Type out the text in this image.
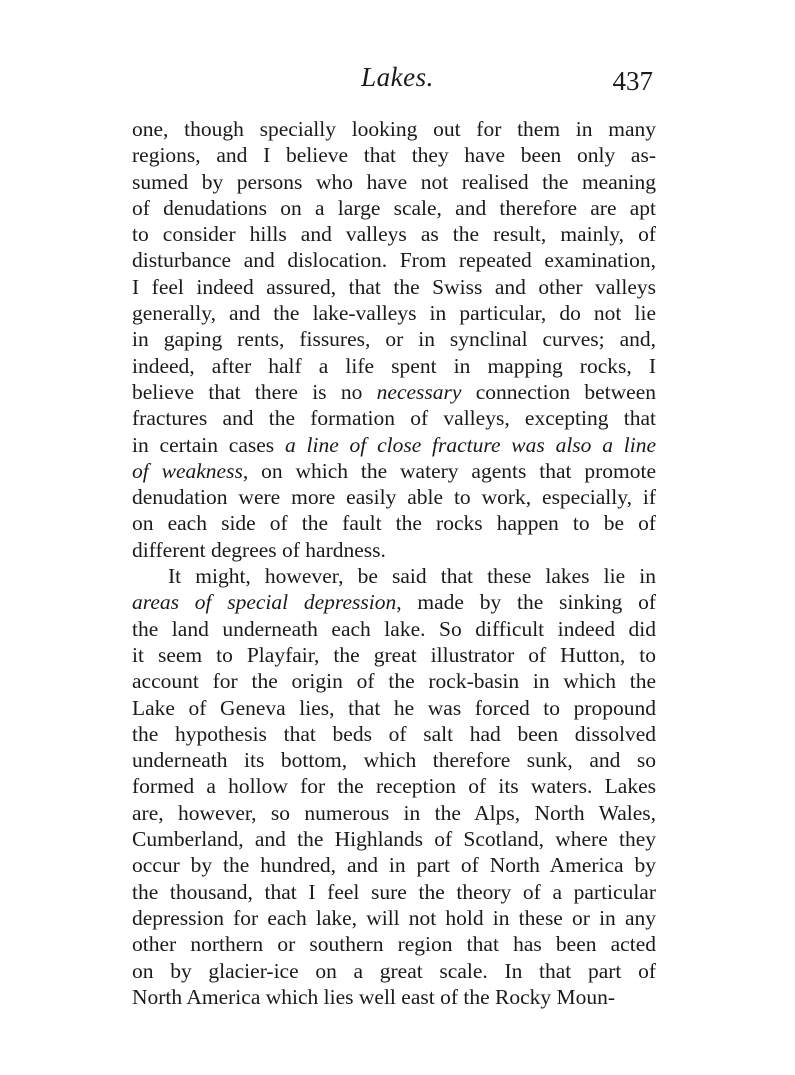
Lakes.	437
one, though specially looking out for them in many
regions, and I believe that they have been only as-
sumed by persons who have not realised the meaning
of denudations on a large scale, and therefore are apt
to consider hills and valleys as the result, mainly, of
disturbance and dislocation. From repeated examination,
I feel indeed assured, that the Swiss and other valleys
generally, and the lake-valleys in particular, do not lie
in gaping rents, fissures, or in synclinal curves; and,
indeed, after half a life spent in mapping rocks, I
believe that there is no necessary connection between
fractures and the formation of valleys, excepting that
in certain cases a line of close fracture was also a line
of weakness, on which the watery agents that promote
denudation were more easily able to work, especially, if
on each side of the fault the rocks happen to be of
different degrees of hardness.
It might, however, be said that these lakes lie in
areas of special depression, made by the sinking of
the land underneath each lake. So difficult indeed did
it seem to Playfair, the great illustrator of Hutton, to
account for the origin of the rock-basin in which the
Lake of Geneva lies, that he was forced to propound
the hypothesis that beds of salt had been dissolved
underneath its bottom, which therefore sunk, and so
formed a hollow for the reception of its waters. Lakes
are, however, so numerous in the Alps, North Wales,
Cumberland, and the Highlands of Scotland, where they
occur by the hundred, and in part of North America by
the thousand, that I feel sure the theory of a particular
depression for each lake, will not hold in these or in any
other northern or southern region that has been acted
on by glacier-ice on a great scale. In that part of
North America which lies well east of the Rocky Moun-
